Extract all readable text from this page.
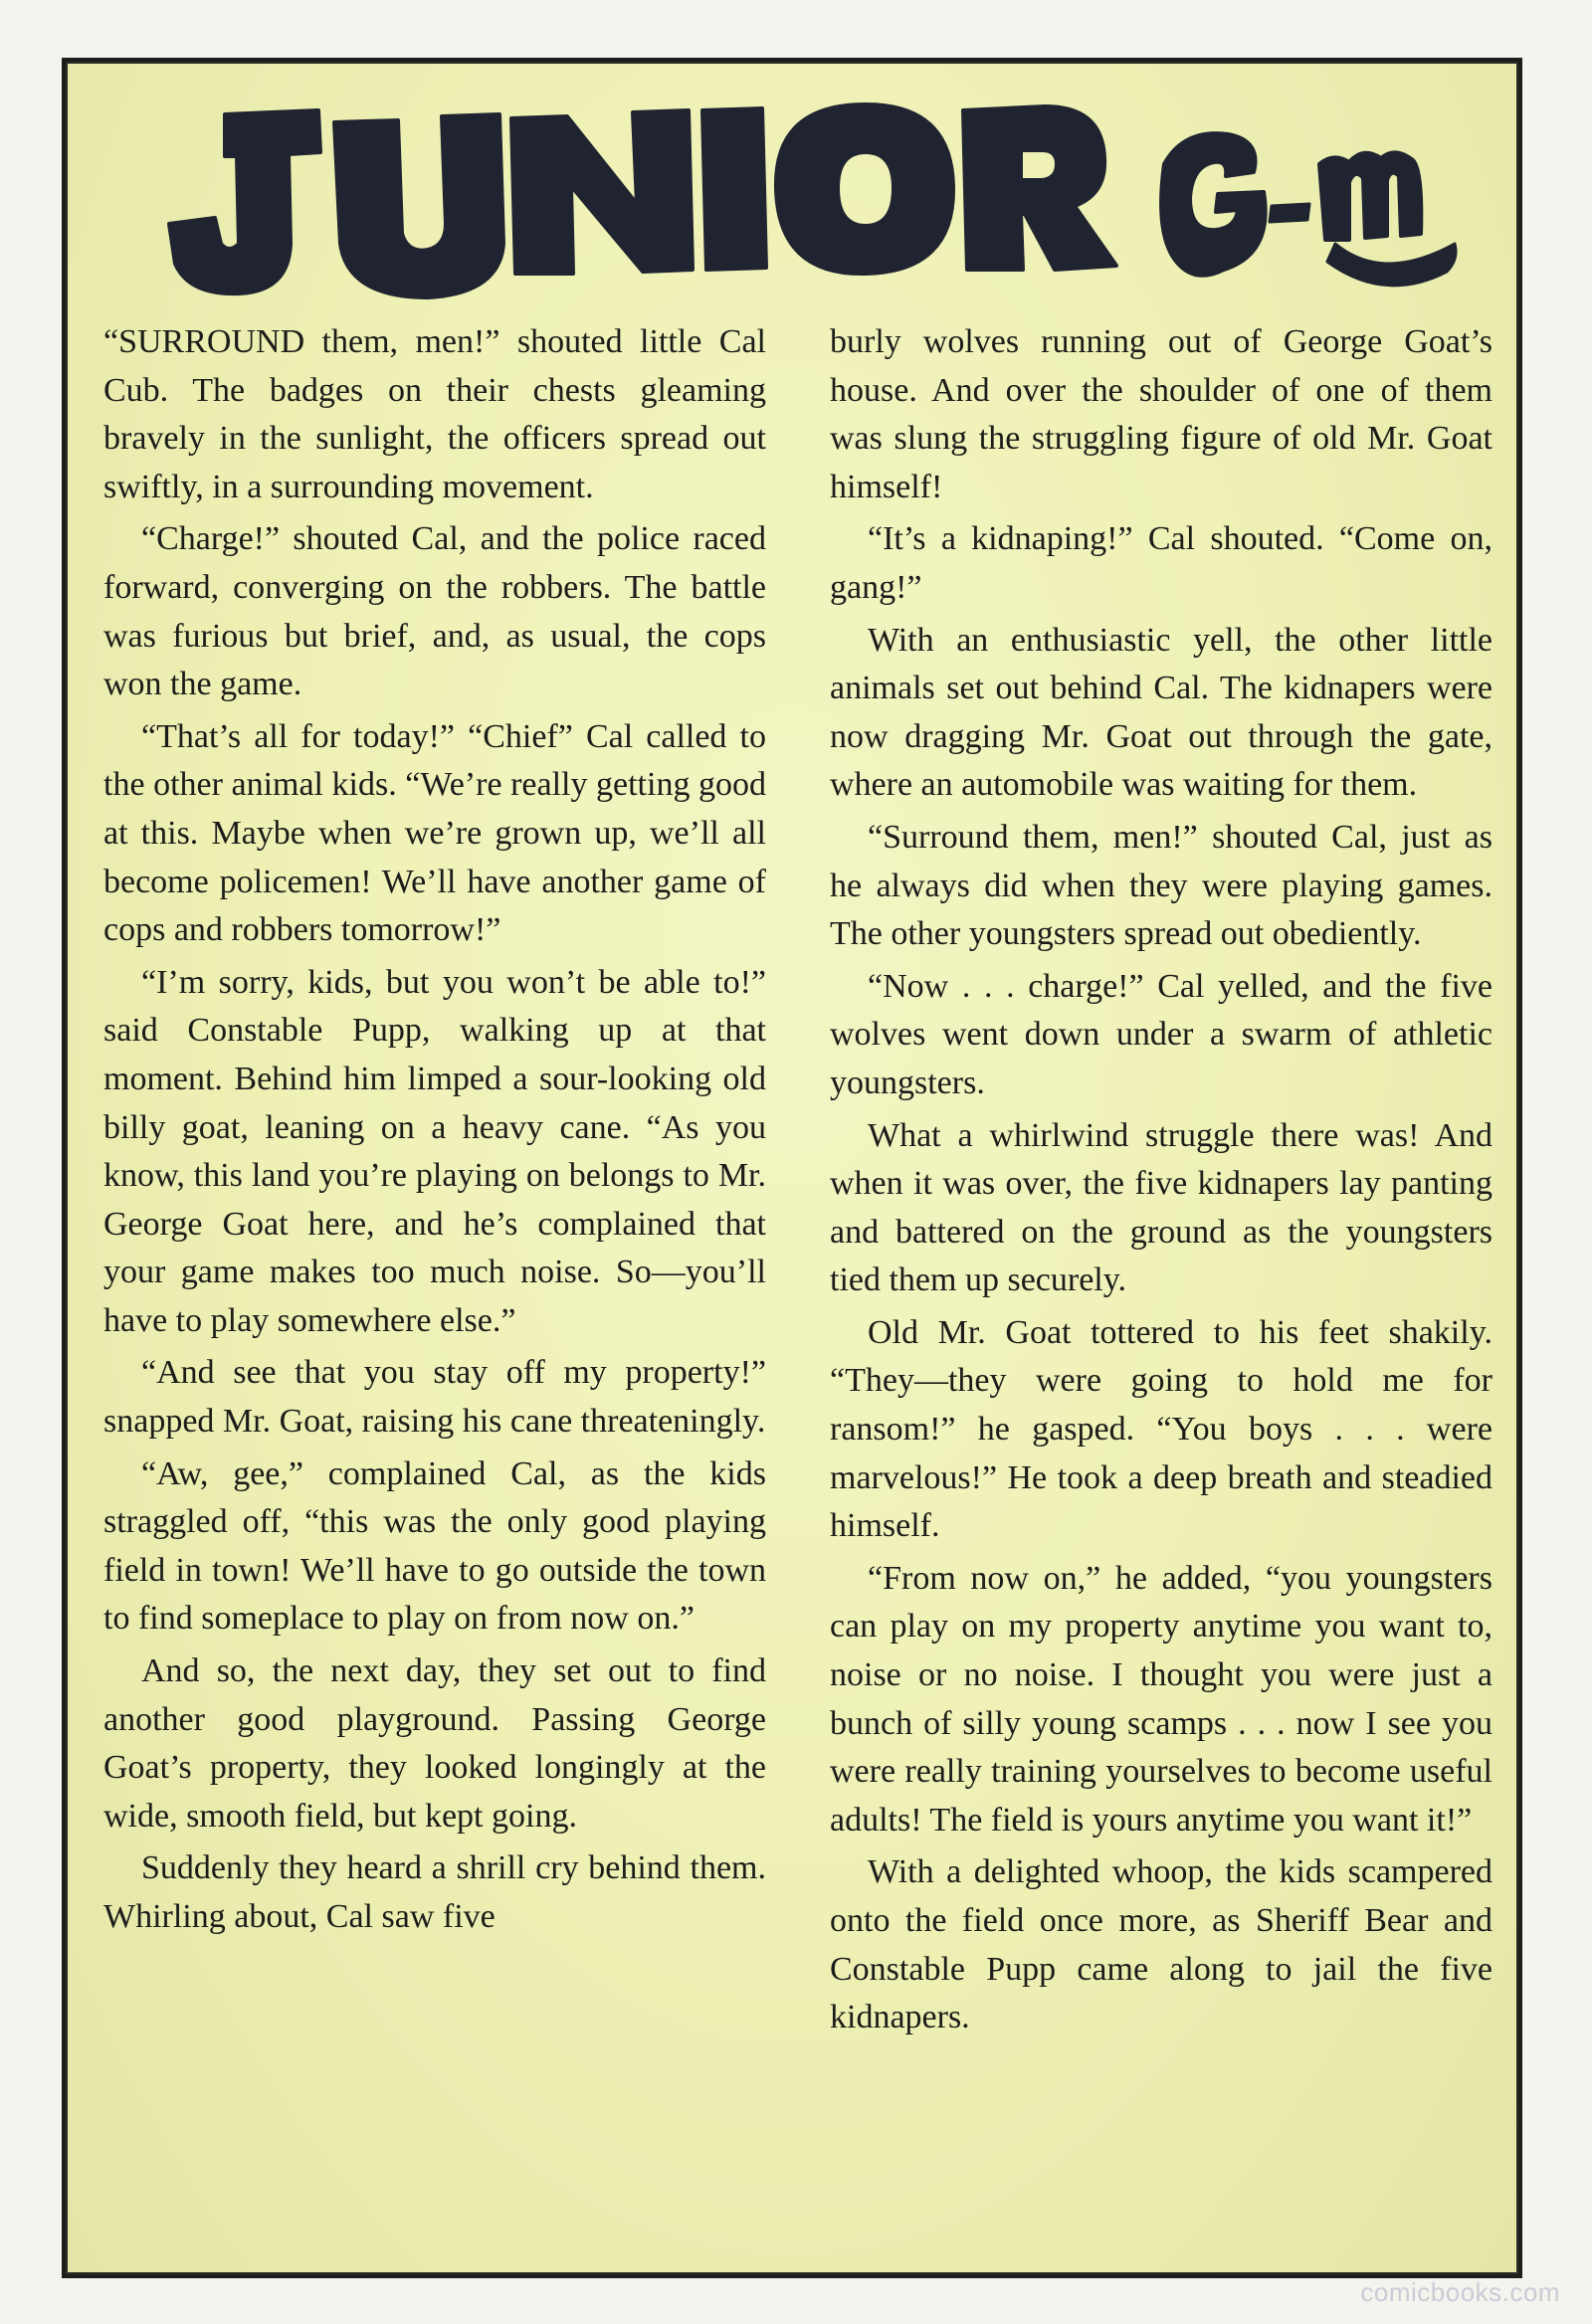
“SURROUND them, men!” shouted little Cal Cub. The badges on their chests gleaming bravely in the sunlight, the officers spread out swiftly, in a surrounding movement.

“Charge!” shouted Cal, and the police raced forward, converging on the robbers. The battle was furious but brief, and, as usual, the cops won the game.

“That’s all for today!” “Chief” Cal called to the other animal kids. “We’re really getting good at this. Maybe when we’re grown up, we’ll all become policemen! We’ll have another game of cops and robbers tomorrow!”

“I’m sorry, kids, but you won’t be able to!” said Constable Pupp, walking up at that moment. Behind him limped a sour-looking old billy goat, leaning on a heavy cane. “As you know, this land you’re playing on belongs to Mr. George Goat here, and he’s complained that your game makes too much noise. So—you’ll have to play somewhere else.”

“And see that you stay off my property!” snapped Mr. Goat, raising his cane threateningly.

“Aw, gee,” complained Cal, as the kids straggled off, “this was the only good playing field in town! We’ll have to go outside the town to find someplace to play on from now on.”

And so, the next day, they set out to find another good playground. Passing George Goat’s property, they looked longingly at the wide, smooth field, but kept going.

Suddenly they heard a shrill cry behind them. Whirling about, Cal saw five

burly wolves running out of George Goat’s house. And over the shoulder of one of them was slung the struggling figure of old Mr. Goat himself!

“It’s a kidnaping!” Cal shouted. “Come on, gang!”

With an enthusiastic yell, the other little animals set out behind Cal. The kidnapers were now dragging Mr. Goat out through the gate, where an automobile was waiting for them.

“Surround them, men!” shouted Cal, just as he always did when they were playing games. The other youngsters spread out obediently.

“Now . . . charge!” Cal yelled, and the five wolves went down under a swarm of athletic youngsters.

What a whirlwind struggle there was! And when it was over, the five kidnapers lay panting and battered on the ground as the youngsters tied them up securely.

Old Mr. Goat tottered to his feet shakily. “They—they were going to hold me for ransom!” he gasped. “You boys . . . were marvelous!” He took a deep breath and steadied himself.

“From now on,” he added, “you youngsters can play on my property anytime you want to, noise or no noise. I thought you were just a bunch of silly young scamps . . . now I see you were really training yourselves to become useful adults! The field is yours anytime you want it!”

With a delighted whoop, the kids scampered onto the field once more, as Sheriff Bear and Constable Pupp came along to jail the five kidnapers.

comicbooks.com
